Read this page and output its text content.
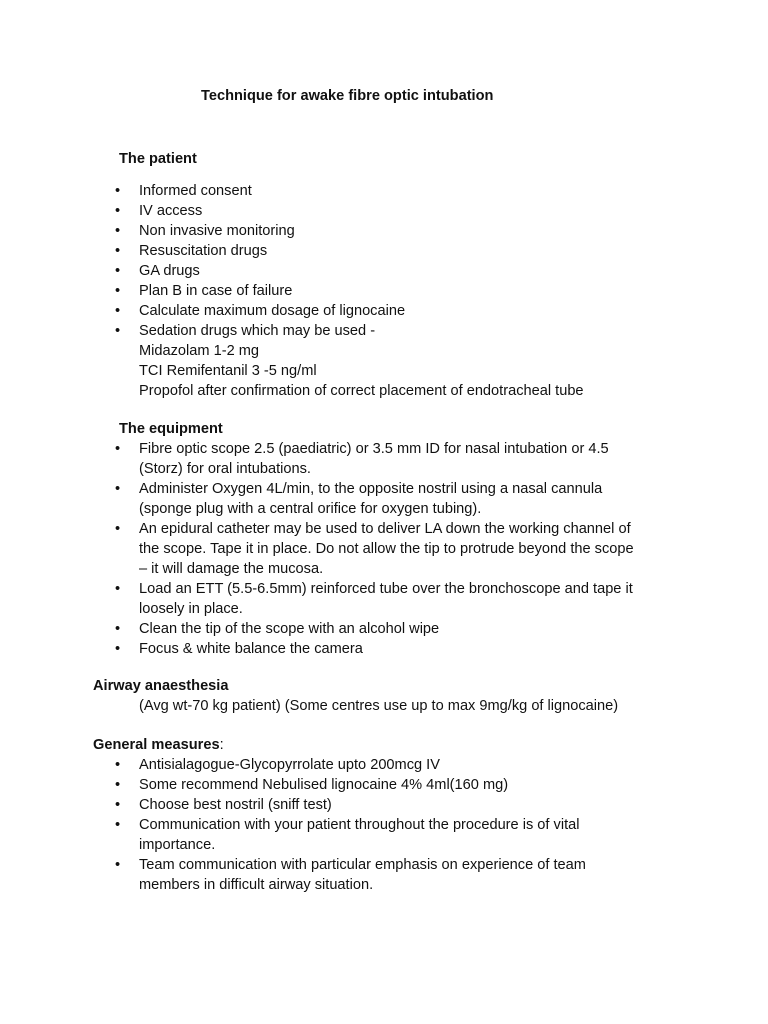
Technique for awake fibre optic intubation
The patient
• Informed consent
• IV access
• Non invasive monitoring
• Resuscitation drugs
• GA drugs
• Plan B in case of failure
• Calculate maximum dosage of lignocaine
• Sedation drugs which may be used -
Midazolam 1-2 mg
TCI Remifentanil 3 -5 ng/ml
Propofol after confirmation of correct placement of endotracheal tube
The equipment
• Fibre optic scope 2.5 (paediatric) or 3.5 mm ID for nasal intubation or 4.5
(Storz) for oral intubations.
• Administer Oxygen 4L/min, to the opposite nostril using a nasal cannula
(sponge plug with a central orifice for oxygen tubing).
• An epidural catheter may be used to deliver LA down the working channel of
the scope. Tape it in place. Do not allow the tip to protrude beyond the scope
– it will damage the mucosa.
• Load an ETT (5.5-6.5mm) reinforced tube over the bronchoscope and tape it
loosely in place.
• Clean the tip of the scope with an alcohol wipe
• Focus & white balance the camera
Airway anaesthesia
(Avg wt-70 kg patient) (Some centres use up to max 9mg/kg of lignocaine)
General measures:
• Antisialagogue-Glycopyrrolate upto 200mcg IV
• Some recommend Nebulised lignocaine 4% 4ml(160 mg)
• Choose best nostril (sniff test)
• Communication with your patient throughout the procedure is of vital
importance.
• Team communication with particular emphasis on experience of team
members in difficult airway situation.
